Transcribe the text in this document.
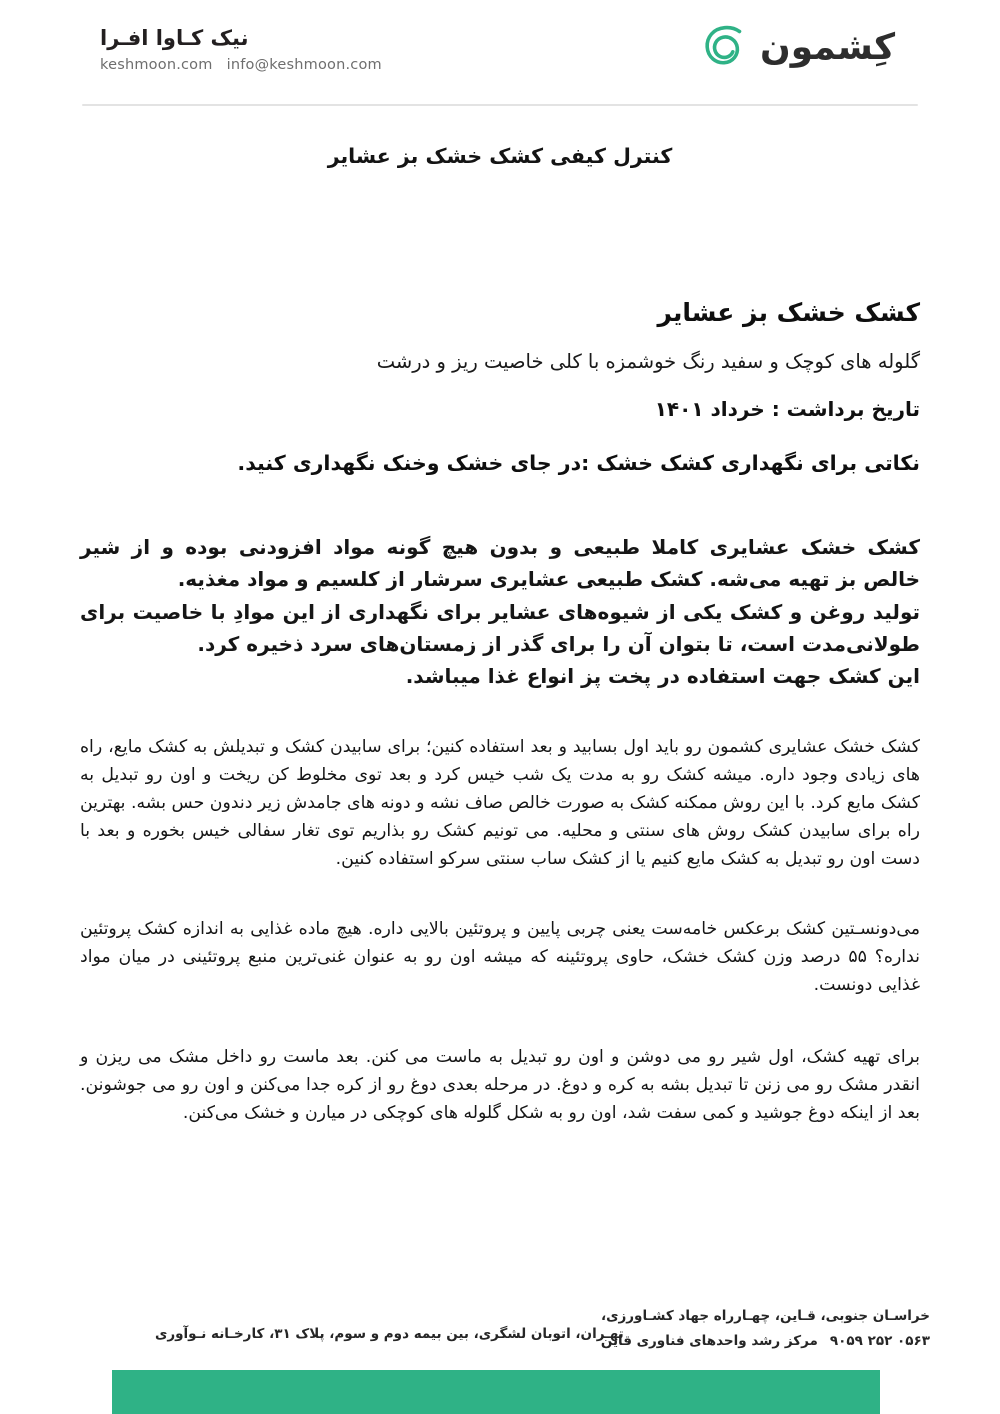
نیک کـاوا افـرا
keshmoon.com info@keshmoon.com	کِشمون
کنترل کیفی کشک خشک بز عشایر
کشک خشک بز عشایر
گلوله های کوچک و سفید رنگ خوشمزه با کلی خاصیت ریز و درشت
تاریخ برداشت : خرداد ۱۴۰۱
نکاتی برای نگهداری کشک خشک :در جای خشک وخنک نگهداری کنید.
کشک خشک عشایری کاملا طبیعی و بدون هیچ گونه مواد افزودنی بوده و از شیر خالص بز تهیه می‌شه. کشک طبیعی عشایری سرشار از کلسیم و مواد مغذیه.
تولید روغن و کشک یکی از شیوه‌های عشایر برای نگهداری از این موادِ با خاصیت برای طولانی‌مدت است، تا بتوان آن را برای گذر از زمستان‌های سرد ذخیره کرد.
این کشک جهت استفاده در پخت پز انواع غذا میباشد.
کشک خشک عشایری کشمون رو باید اول بسابید و بعد استفاده کنین؛ برای سابیدن کشک و تبدیلش به کشک مایع، راه های زیادی وجود داره. میشه کشک رو به مدت یک شب خیس کرد و بعد توی مخلوط کن ریخت و اون رو تبدیل به کشک مایع کرد. با این روش ممکنه کشک به صورت خالص صاف نشه و دونه های جامدش زیر دندون حس بشه. بهترین راه برای سابیدن کشک روش های سنتی و محلیه. می تونیم کشک رو بذاریم توی تغار سفالی خیس بخوره و بعد با دست اون رو تبدیل به کشک مایع کنیم یا از کشک ساب سنتی سرکو استفاده کنین.
می‌دونسـتین کشک برعکس خامه‌ست یعنی چربی پایین و پروتئین بالایی داره. هیچ ماده غذایی به اندازه کشک پروتئین نداره؟ ۵۵ درصد وزن کشک خشک، حاوی پروتئینه که میشه اون رو به عنوان غنی‌ترین منبع پروتئینی در میان مواد غذایی دونست.
برای تهیه کشک، اول شیر رو می دوشن و اون رو تبدیل به ماست می کنن. بعد ماست رو داخل مشک می ریزن و انقدر مشک رو می زنن تا تبدیل بشه به کره و دوغ. در مرحله بعدی دوغ رو از کره جدا می‌کنن و اون رو می جوشونن. بعد از اینکه دوغ جوشید و کمی سفت شد، اون رو به شکل گلوله های کوچکی در میارن و خشک می‌کنن.
خراسـان جنوبی، قـاین، چهـارراه جهاد کشـاورزی،
۰۵۶۳ ۲۵۲ ۹۰۵۹مرکز رشد واحدهای فناوری قاین
تهـران، اتوبان لشگری، بین بیمه دوم و سوم، پلاک ۳۱، کارخـانه نـوآوری
